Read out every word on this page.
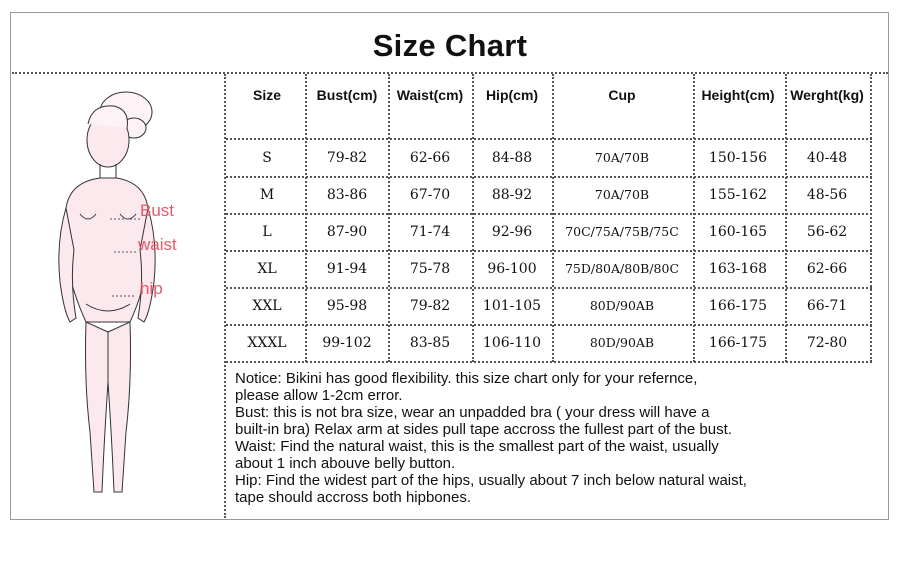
Size Chart
Bust
waist
hip
Size	Bust(cm)	Waist(cm)	Hip(cm)	Cup	Height(cm)	Werght(kg)
S	79-82	62-66	84-88	70A/70B	150-156	40-48
M	83-86	67-70	88-92	70A/70B	155-162	48-56
L	87-90	71-74	92-96	70C/75A/75B/75C	160-165	56-62
XL	91-94	75-78	96-100	75D/80A/80B/80C	163-168	62-66
XXL	95-98	79-82	101-105	80D/90AB	166-175	66-71
XXXL	99-102	83-85	106-110	80D/90AB	166-175	72-80
Notice: Bikini has good flexibility. this size chart only for your refernce,
please allow 1-2cm error.
Bust: this is not bra size, wear an unpadded bra ( your dress will have a
built-in bra) Relax arm at sides pull tape accross the fullest part of the bust.
Waist: Find the natural waist, this is the smallest part of the waist, usually
about 1 inch abouve belly button.
Hip: Find the widest part of the hips, usually about 7 inch below natural waist,
tape should accross both hipbones.
